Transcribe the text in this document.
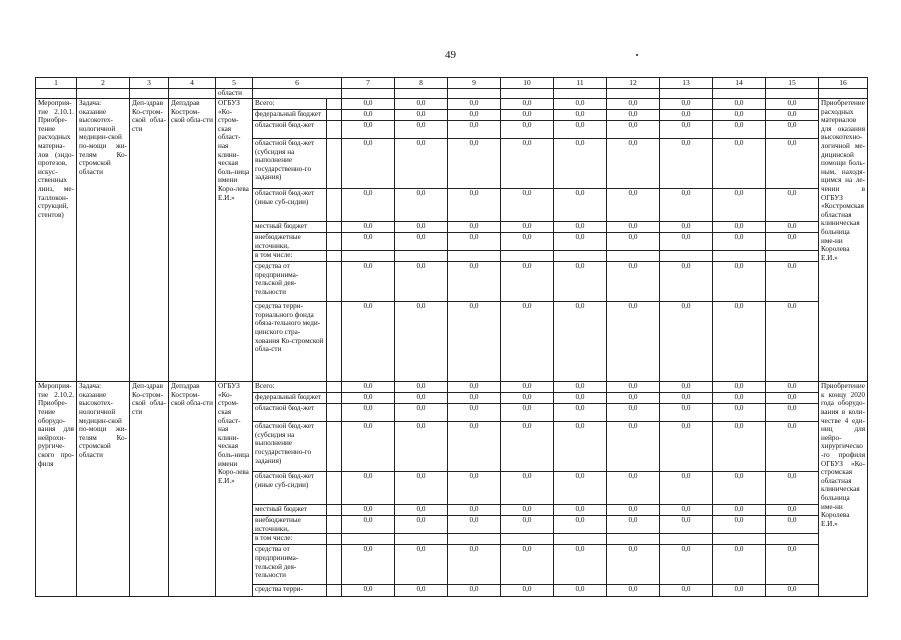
49
1	2	3	4	5	6		7	8	9	10	11	12	13	14	15	16
				области												
Мероприя-тие 2.10.1. Приобре-тение расходных материа-лов (эндо-протезов, искус-ственных линз, ме-таллокон-струкций, стентов)	Задача: оказание высокотех-нологичной медицин-ской по-мощи жи-телям Ко-стромской области	Деп-здрав Ко-стром-ской обла-сти	Депздрав Костром-ской обла-сти	ОГБУЗ «Ко-стром-ская област-ная клини-ческая боль-ница имени Коро-лева Е.И.»	Всего:		0,0	0,0	0,0	0,0	0,0	0,0	0,0	0,0	0,0	Приобретение расходных материалов для оказания высокотехно-логичной ме-дицинской помощи боль-ным, находя-щимся на ле-чении в ОГБУЗ «Костромская областная клиническая больница име-ни Королева Е.И.»
					федеральный бюджет		0,0	0,0	0,0	0,0	0,0	0,0	0,0	0,0	0,0	
					областной бюд-жет		0,0	0,0	0,0	0,0	0,0	0,0	0,0	0,0	0,0	
					областной бюд-жет (субсидия на выполнение государственно-го задания)		0,0	0,0	0,0	0,0	0,0	0,0	0,0	0,0	0,0	
					областной бюд-жет (иные суб-сидии)		0,0	0,0	0,0	0,0	0,0	0,0	0,0	0,0	0,0	
					местный бюджет		0,0	0,0	0,0	0,0	0,0	0,0	0,0	0,0	0,0	
					внебюджетные источники,		0,0	0,0	0,0	0,0	0,0	0,0	0,0	0,0	0,0	
					в том числе:											
					средства от предпринима-тельской дея-тельности		0,0	0,0	0,0	0,0	0,0	0,0	0,0	0,0	0,0	
					средства терри-ториального фонда обяза-тельного меди-цинского стра-хования Ко-стромской обла-сти		0,0	0,0	0,0	0,0	0,0	0,0	0,0	0,0	0,0	
Мероприя-тие 2.10.2. Приобре-тение оборудо-вания для нейрохи-рургиче-ского про-филя	Задача: оказание высокотех-нологичной медицин-ской по-мощи жи-телям Ко-стромской области	Деп-здрав Ко-стром-ской обла-сти	Депздрав Костром-ской обла-сти	ОГБУЗ «Ко-стром-ская област-ная клини-ческая боль-ница имени Коро-лева Е.И.»	Всего:		0,0	0,0	0,0	0,0	0,0	0,0	0,0	0,0	0,0	Приобретение к концу 2020 года оборудо-вания в коли-честве 4 еди-ниц для нейро-хирургическо-го профиля ОГБУЗ «Ко-стромская областная клиническая больница име-ни Королева Е.И.»
					федеральный бюджет		0,0	0,0	0,0	0,0	0,0	0,0	0,0	0,0	0,0	
					областной бюд-жет		0,0	0,0	0,0	0,0	0,0	0,0	0,0	0,0	0,0	
					областной бюд-жет (субсидия на выполнение государственно-го задания)		0,0	0,0	0,0	0,0	0,0	0,0	0,0	0,0	0,0	
					областной бюд-жет (иные суб-сидии)		0,0	0,0	0,0	0,0	0,0	0,0	0,0	0,0	0,0	
					местный бюджет		0,0	0,0	0,0	0,0	0,0	0,0	0,0	0,0	0,0	
					внебюджетные источники,		0,0	0,0	0,0	0,0	0,0	0,0	0,0	0,0	0,0	
					в том числе:											
					средства от предпринима-тельской дея-тельности		0,0	0,0	0,0	0,0	0,0	0,0	0,0	0,0	0,0	
					средства терри-		0,0	0,0	0,0	0,0	0,0	0,0	0,0	0,0	0,0	
